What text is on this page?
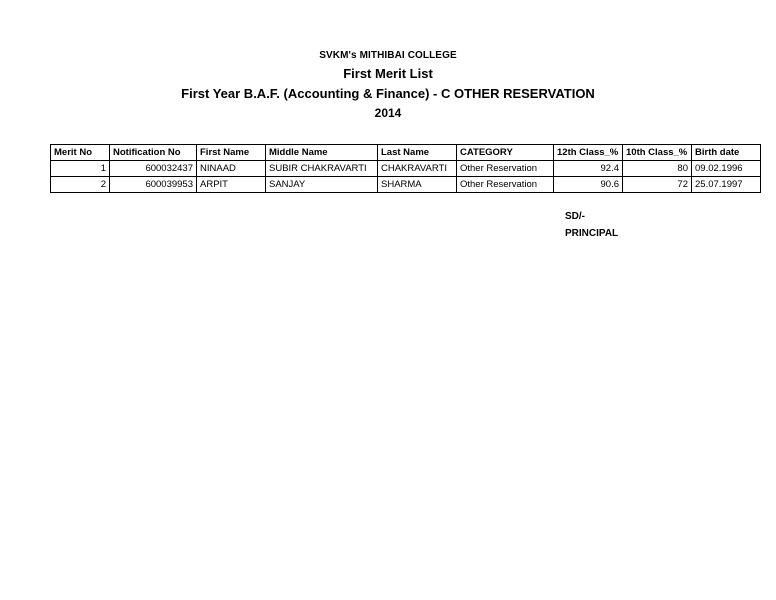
SVKM's MITHIBAI COLLEGE
First Merit List
First Year B.A.F. (Accounting & Finance) - C OTHER RESERVATION
2014
Merit No	Notification No	First Name	Middle Name	Last Name	CATEGORY	12th Class_%	10th Class_%	Birth date
1	600032437	NINAAD	SUBIR CHAKRAVARTI	CHAKRAVARTI	Other Reservation	92.4	80	09.02.1996
2	600039953	ARPIT	SANJAY	SHARMA	Other Reservation	90.6	72	25.07.1997
SD/-
PRINCIPAL
